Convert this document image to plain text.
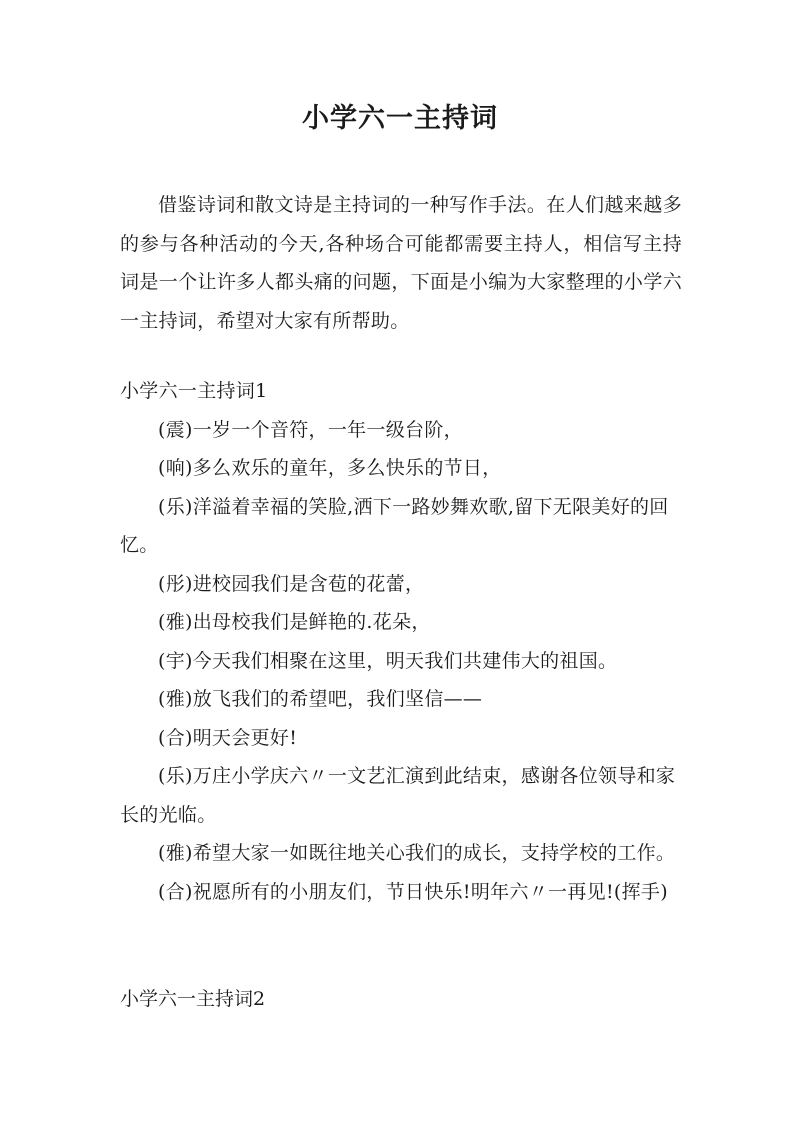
小学六一主持词

借鉴诗词和散文诗是主持词的一种写作手法。在人们越来越多的参与各种活动的今天,各种场合可能都需要主持人，相信写主持词是一个让许多人都头痛的问题，下面是小编为大家整理的小学六一主持词，希望对大家有所帮助。

小学六一主持词1
(震)一岁一个音符，一年一级台阶，
(响)多么欢乐的童年，多么快乐的节日，
(乐)洋溢着幸福的笑脸,洒下一路妙舞欢歌,留下无限美好的回忆。
(彤)进校园我们是含苞的花蕾，
(雅)出母校我们是鲜艳的.花朵，
(宇)今天我们相聚在这里，明天我们共建伟大的祖国。
(雅)放飞我们的希望吧，我们坚信——
(合)明天会更好!
(乐)万庄小学庆六〃一文艺汇演到此结束，感谢各位领导和家长的光临。
(雅)希望大家一如既往地关心我们的成长，支持学校的工作。
(合)祝愿所有的小朋友们，节日快乐!明年六〃一再见!(挥手)
小学六一主持词2
